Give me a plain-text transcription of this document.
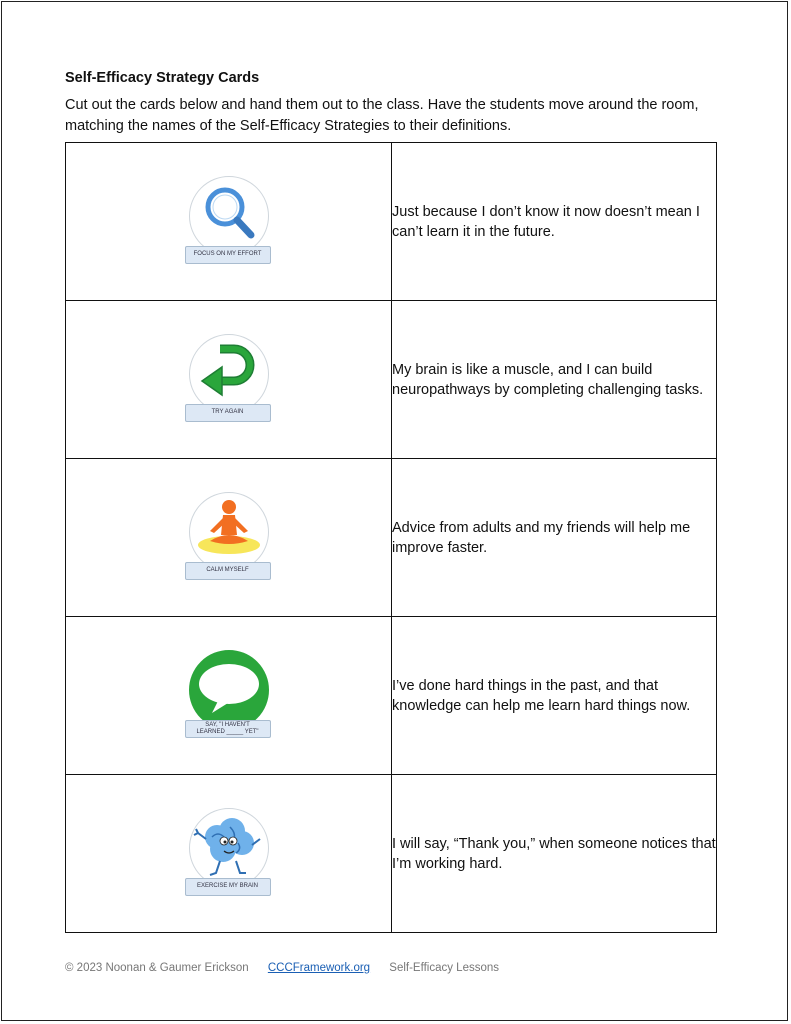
Self-Efficacy Strategy Cards
Cut out the cards below and hand them out to the class. Have the students move around the room, matching the names of the Self-Efficacy Strategies to their definitions.
FOCUS ON MY EFFORT	Just because I don’t know it now doesn’t mean I can’t learn it in the future.

TRY AGAIN	My brain is like a muscle, and I can build neuropathways by completing challenging tasks.

CALM MYSELF	Advice from adults and my friends will help me improve faster.

SAY, "I HAVEN'T
LEARNED _____ YET"	I’ve done hard things in the past, and that knowledge can help me learn hard things now.

EXERCISE MY BRAIN	I will say, “Thank you,” when someone notices that I’m working hard.
© 2023 Noonan & Gaumer Erickson CCCFramework.org Self-Efficacy Lessons
